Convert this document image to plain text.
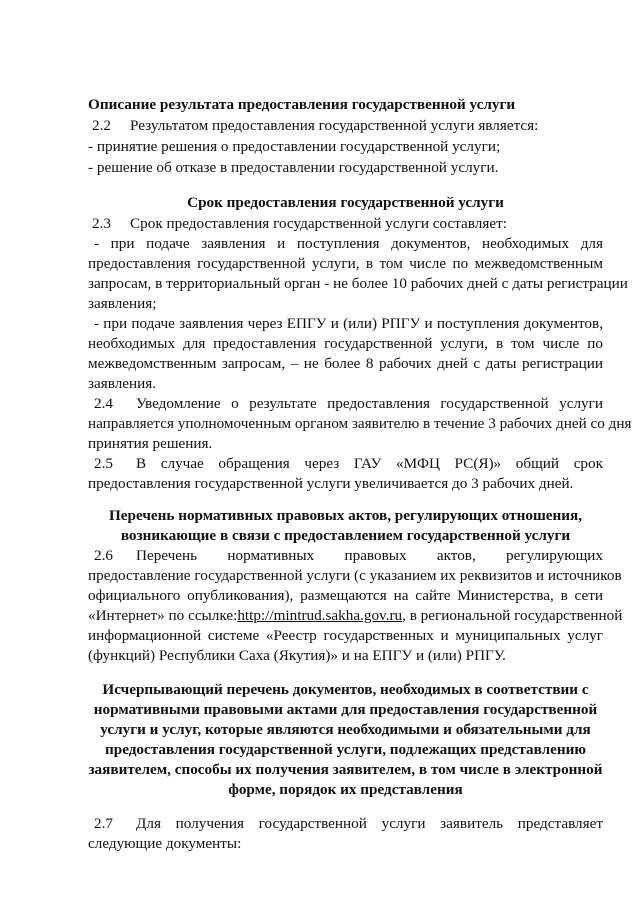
Описание результата предоставления государственной услуги
2.2 Результатом предоставления государственной услуги является:
- принятие решения о предоставлении государственной услуги;
- решение об отказе в предоставлении государственной услуги.
Срок предоставления государственной услуги
2.3 Срок предоставления государственной услуги составляет:
- при подаче заявления и поступления документов, необходимых для
предоставления государственной услуги, в том числе по межведомственным
запросам, в территориальный орган - не более 10 рабочих дней с даты регистрации
заявления;
- при подаче заявления через ЕПГУ и (или) РПГУ и поступления документов,
необходимых для предоставления государственной услуги, в том числе по
межведомственным запросам, – не более 8 рабочих дней с даты регистрации
заявления.
2.4	Уведомление о результате предоставления государственной услуги
направляется уполномоченным органом заявителю в течение 3 рабочих дней со дня
принятия решения.
2.5	В случае обращения через ГАУ «МФЦ РС(Я)» общий срок
предоставления государственной услуги увеличивается до 3 рабочих дней.
Перечень нормативных правовых актов, регулирующих отношения,
возникающие в связи с предоставлением государственной услуги
2.6	Перечень нормативных правовых актов, регулирующих
предоставление государственной услуги (с указанием их реквизитов и источников
официального опубликования), размещаются на сайте Министерства, в сети
«Интернет» по ссылке: http://mintrud.sakha.gov.ru, в региональной государственной
информационной системе «Реестр государственных и муниципальных услуг
(функций) Республики Саха (Якутия)» и на ЕПГУ и (или) РПГУ.
Исчерпывающий перечень документов, необходимых в соответствии с
нормативными правовыми актами для предоставления государственной
услуги и услуг, которые являются необходимыми и обязательными для
предоставления государственной услуги, подлежащих представлению
заявителем, способы их получения заявителем, в том числе в электронной
форме, порядок их представления
2.7	Для получения государственной услуги заявитель представляет
следующие документы:
